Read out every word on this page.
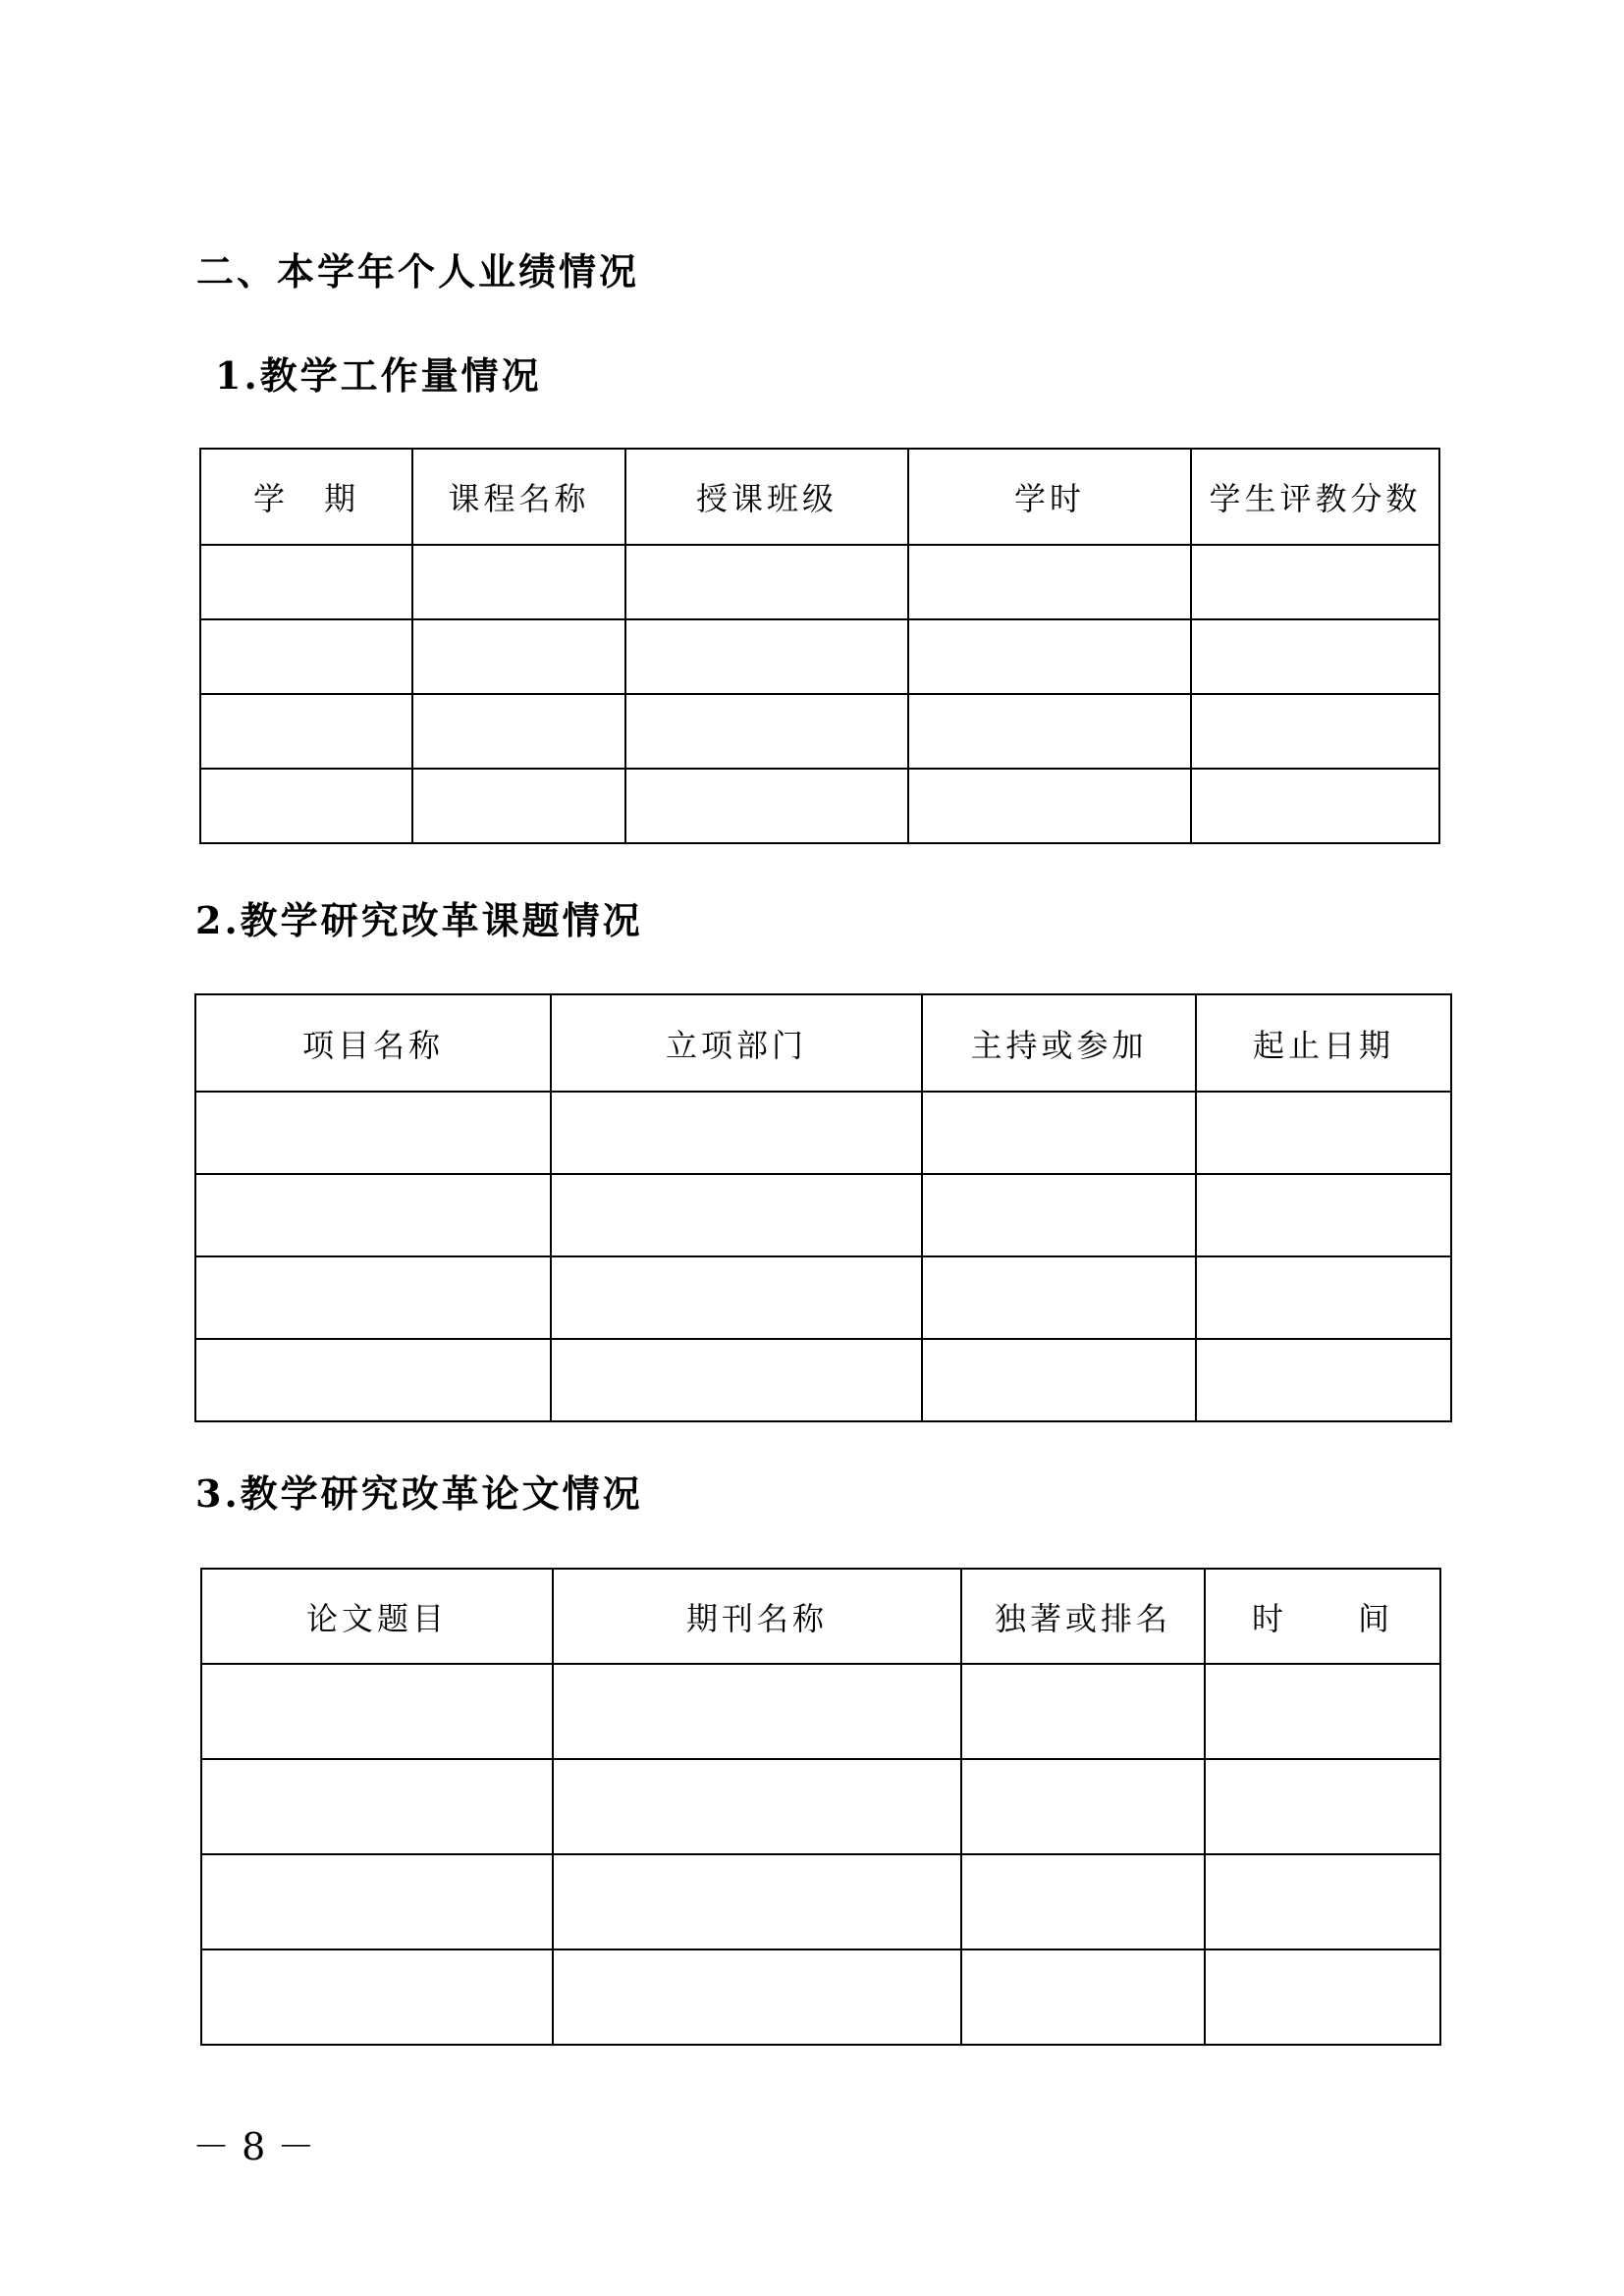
二、本学年个人业绩情况
1.教学工作量情况
学　期	课程名称	授课班级	学时	学生评教分数

2.教学研究改革课题情况
项目名称	立项部门	主持或参加	起止日期

3.教学研究改革论文情况
论文题目	期刊名称	独著或排名	时　　间

－ 8 －
